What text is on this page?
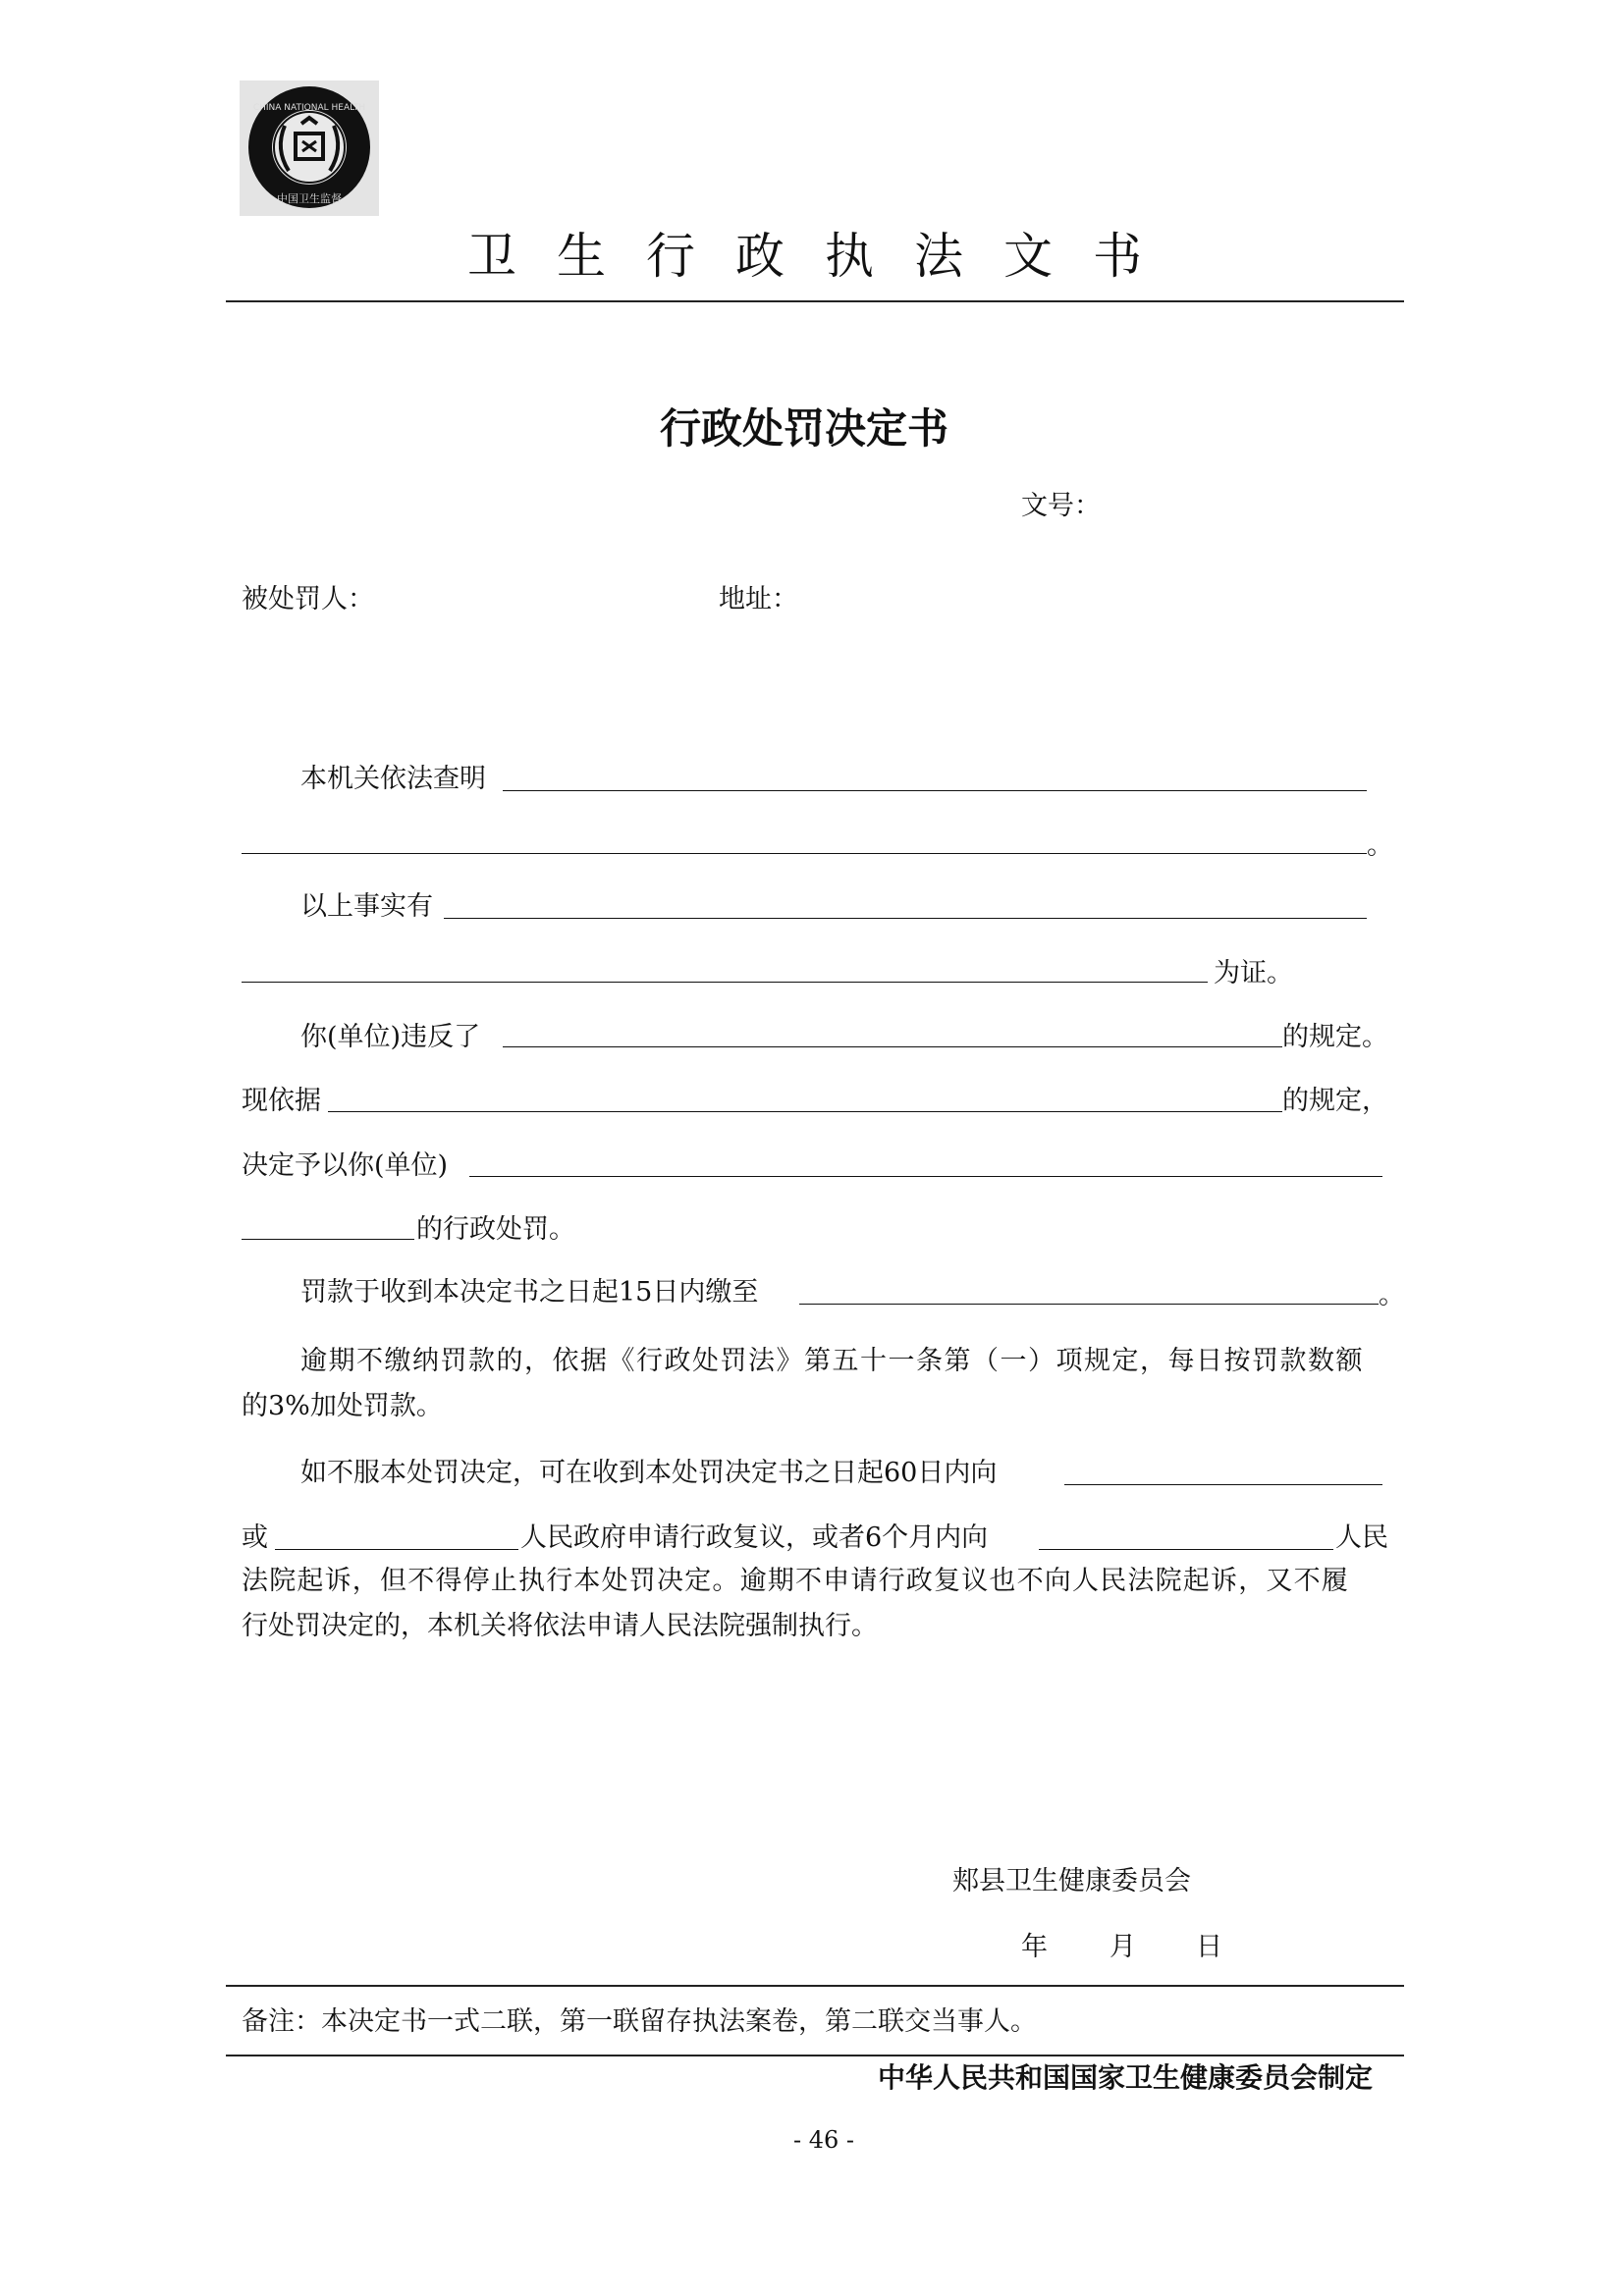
CHINA NATIONAL HEALTH
中国卫生监督
卫生行政执法文书
行政处罚决定书
文号：
被处罚人：	地址：
本机关依法查明
。
以上事实有
为证。
你(单位)违反了	的规定。
现依据	的规定，
决定予以你(单位)
的行政处罚。
罚款于收到本决定书之日起15日内缴至	。
逾期不缴纳罚款的，依据《行政处罚法》第五十一条第（一）项规定，每日按罚款数额
的3%加处罚款。
如不服本处罚决定，可在收到本处罚决定书之日起60日内向
或	人民政府申请行政复议，或者6个月内向	人民
法院起诉，但不得停止执行本处罚决定。逾期不申请行政复议也不向人民法院起诉，又不履
行处罚决定的，本机关将依法申请人民法院强制执行。
郏县卫生健康委员会
年 月 日
备注：本决定书一式二联，第一联留存执法案卷，第二联交当事人。
中华人民共和国国家卫生健康委员会制定
- 46 -
